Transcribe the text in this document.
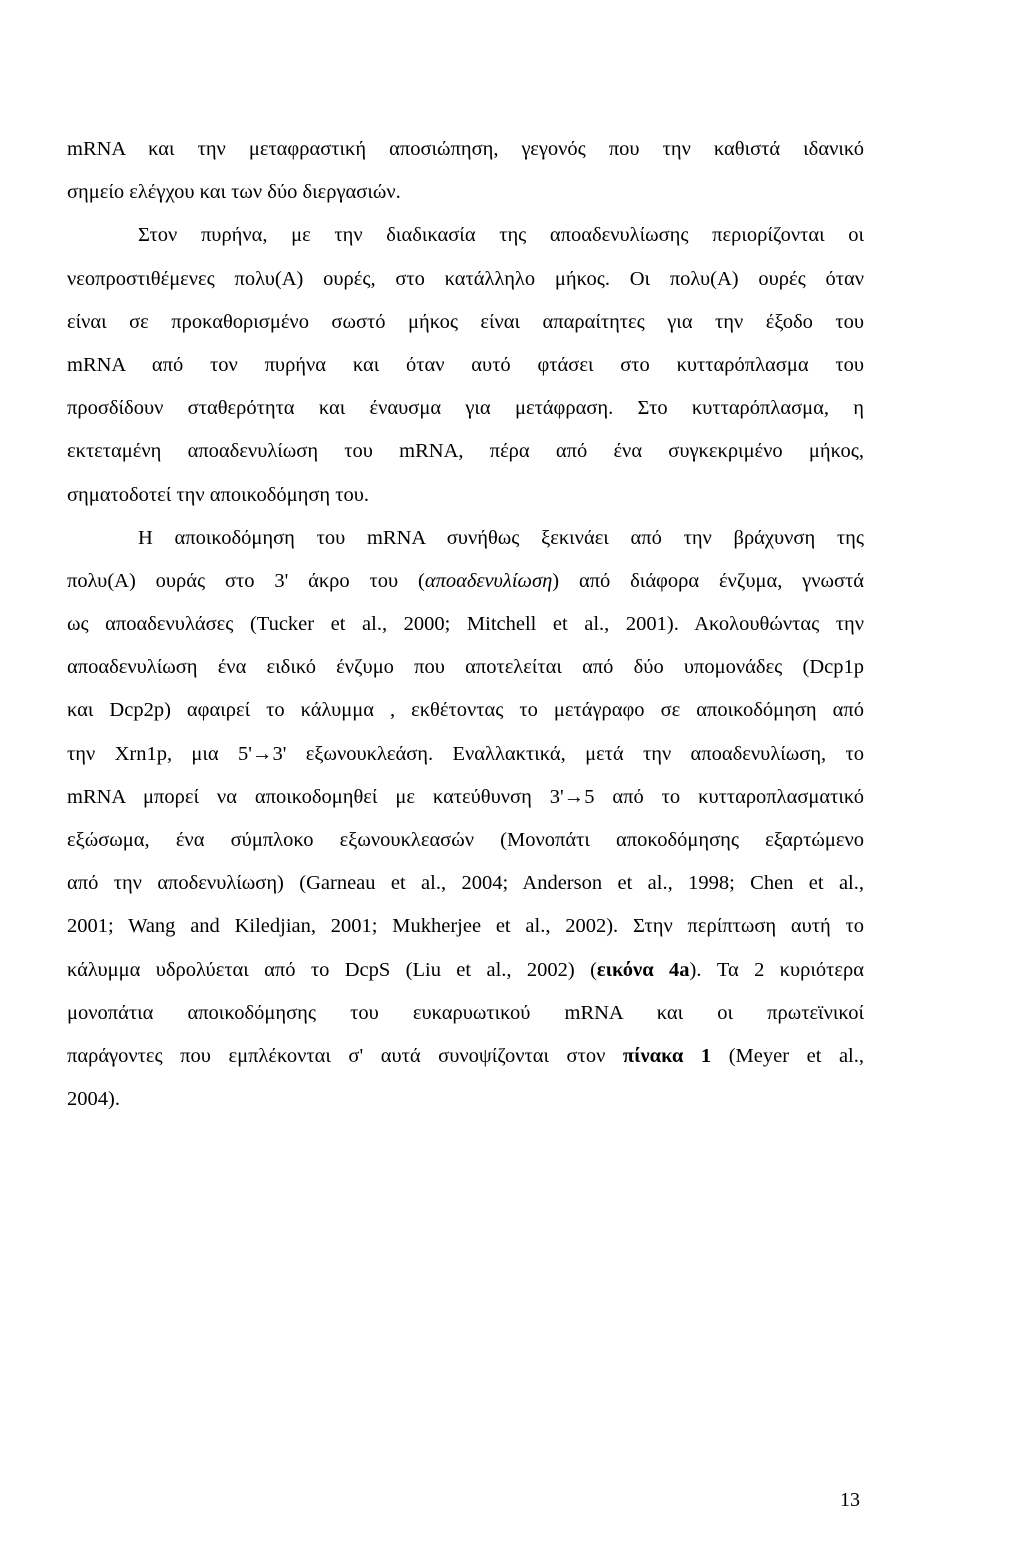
mRNA και την μεταφραστική αποσιώπηση, γεγονός που την καθιστά ιδανικό
σημείο ελέγχου και των δύο διεργασιών.
Στον πυρήνα, με την διαδικασία της αποαδενυλίωσης περιορίζονται οι
νεοπροστιθέμενες πολυ(A) ουρές, στο κατάλληλο μήκος. Οι πολυ(A) ουρές όταν
είναι σε προκαθορισμένο σωστό μήκος είναι απαραίτητες για την έξοδο του
mRNA από τον πυρήνα και όταν αυτό φτάσει στο κυτταρόπλασμα του
προσδίδουν σταθερότητα και έναυσμα για μετάφραση. Στο κυτταρόπλασμα, η
εκτεταμένη αποαδενυλίωση του mRNA, πέρα από ένα συγκεκριμένο μήκος,
σηματοδοτεί την αποικοδόμηση του.
Η αποικοδόμηση του mRNA συνήθως ξεκινάει από την βράχυνση της
πολυ(A) ουράς στο 3' άκρο του (αποαδενυλίωση) από διάφορα ένζυμα, γνωστά
ως αποαδενυλάσες (Tucker et al., 2000; Mitchell et al., 2001). Ακολουθώντας την
αποαδενυλίωση ένα ειδικό ένζυμο που αποτελείται από δύο υπομονάδες (Dcp1p
και Dcp2p) αφαιρεί το κάλυμμα , εκθέτοντας το μετάγραφο σε αποικοδόμηση από
την Xrn1p, μια 5'→3' εξωνουκλεάση. Εναλλακτικά, μετά την αποαδενυλίωση, το
mRNA μπορεί να αποικοδομηθεί με κατεύθυνση 3'→5 από το κυτταροπλασματικό
εξώσωμα, ένα σύμπλοκο εξωνουκλεασών (Μονοπάτι αποκοδόμησης εξαρτώμενο
από την αποδενυλίωση) (Garneau et al., 2004; Anderson et al., 1998; Chen et al.,
2001; Wang and Kiledjian, 2001; Mukherjee et al., 2002). Στην περίπτωση αυτή το
κάλυμμα υδρολύεται από το DcpS (Liu et al., 2002) (εικόνα 4a). Τα 2 κυριότερα
μονοπάτια αποικοδόμησης του ευκαρυωτικού mRNA και οι πρωτεϊνικοί
παράγοντες που εμπλέκονται σ' αυτά συνοψίζονται στον πίνακα 1 (Meyer et al.,
2004).
13
